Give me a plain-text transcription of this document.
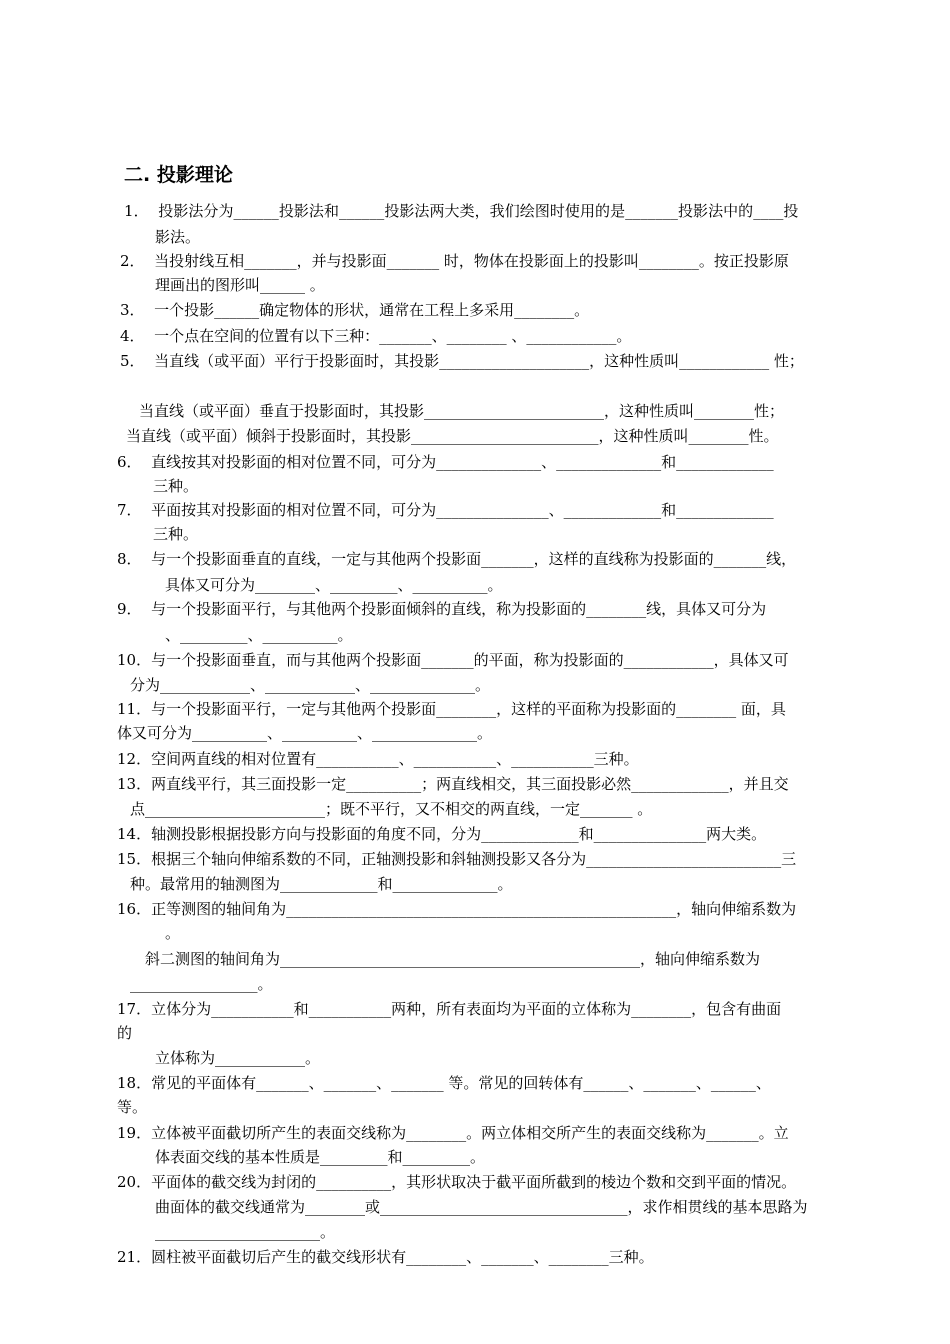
二. 投影理论
1．  投影法分为______投影法和______投影法两大类，我们绘图时使用的是_______投影法中的____投
影法。
2．  当投射线互相_______，并与投影面_______ 时，物体在投影面上的投影叫________。按正投影原
理画出的图形叫______ 。
3．  一个投影______确定物体的形状，通常在工程上多采用________。
4．  一个点在空间的位置有以下三种：_______、________ 、____________。
5．  当直线（或平面）平行于投影面时，其投影____________________，这种性质叫____________ 性；
当直线（或平面）垂直于投影面时，其投影________________________，这种性质叫________性；
当直线（或平面）倾斜于投影面时，其投影_________________________，这种性质叫________性。
6．  直线按其对投影面的相对位置不同，可分为______________、______________和_____________
三种。
7．  平面按其对投影面的相对位置不同，可分为_______________、_____________和_____________
三种。
8．  与一个投影面垂直的直线，一定与其他两个投影面_______，这样的直线称为投影面的_______线，
具体又可分为________、_________、__________。
9．  与一个投影面平行，与其他两个投影面倾斜的直线，称为投影面的________线，具体又可分为
、_________、__________。
10．与一个投影面垂直，而与其他两个投影面_______的平面，称为投影面的____________，具体又可
分为____________、____________、______________。
11．与一个投影面平行，一定与其他两个投影面________，这样的平面称为投影面的________ 面，具
体又可分为__________、__________、______________。
12．空间两直线的相对位置有___________、___________、___________三种。
13．两直线平行，其三面投影一定__________；两直线相交，其三面投影必然_____________，并且交
点________________________；既不平行，又不相交的两直线，一定_______ 。
14．轴测投影根据投影方向与投影面的角度不同，分为_____________和_______________两大类。
15．根据三个轴向伸缩系数的不同，正轴测投影和斜轴测投影又各分为__________________________三
种。最常用的轴测图为_____________和______________。
16．正等测图的轴间角为____________________________________________________，轴向伸缩系数为
。
斜二测图的轴间角为________________________________________________，轴向伸缩系数为
_________________。
17．立体分为___________和___________两种，所有表面均为平面的立体称为________，包含有曲面
的
立体称为____________。
18．常见的平面体有_______、_______、_______ 等。常见的回转体有______、_______、______、
等。
19．立体被平面截切所产生的表面交线称为________。两立体相交所产生的表面交线称为_______。立
体表面交线的基本性质是_________和_________。
20．平面体的截交线为封闭的__________，其形状取决于截平面所截到的棱边个数和交到平面的情况。
曲面体的截交线通常为________或_________________________________，求作相贯线的基本思路为
______________________。
21．圆柱被平面截切后产生的截交线形状有________、_______、________三种。
